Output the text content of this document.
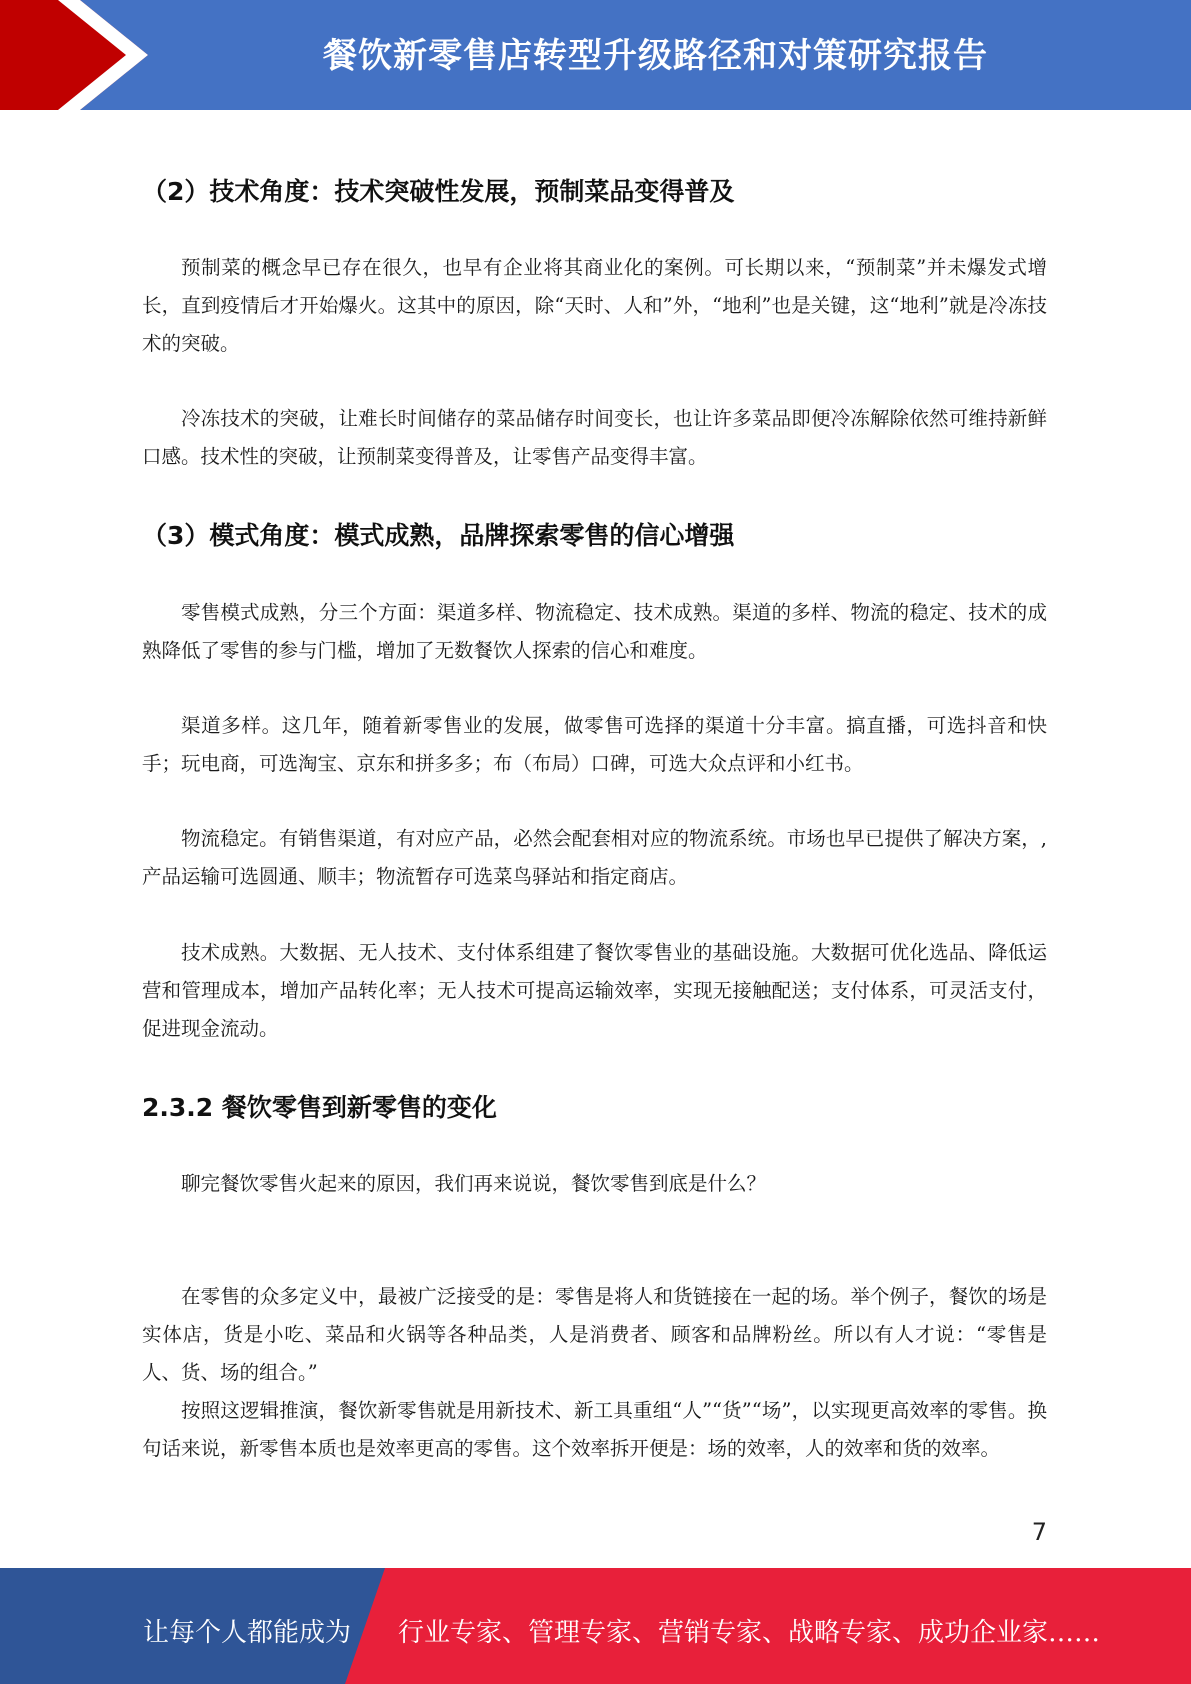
餐饮新零售店转型升级路径和对策研究报告
（2）技术角度：技术突破性发展，预制菜品变得普及
预制菜的概念早已存在很久，也早有企业将其商业化的案例。可长期以来，“预制菜”并未爆发式增长，直到疫情后才开始爆火。这其中的原因，除“天时、人和”外，“地利”也是关键，这“地利”就是冷冻技术的突破。
冷冻技术的突破，让难长时间储存的菜品储存时间变长，也让许多菜品即便冷冻解除依然可维持新鲜口感。技术性的突破，让预制菜变得普及，让零售产品变得丰富。
（3）模式角度：模式成熟，品牌探索零售的信心增强
零售模式成熟，分三个方面：渠道多样、物流稳定、技术成熟。渠道的多样、物流的稳定、技术的成熟降低了零售的参与门槛，增加了无数餐饮人探索的信心和难度。
渠道多样。这几年，随着新零售业的发展，做零售可选择的渠道十分丰富。搞直播，可选抖音和快手；玩电商，可选淘宝、京东和拼多多；布（布局）口碑，可选大众点评和小红书。
物流稳定。有销售渠道，有对应产品，必然会配套相对应的物流系统。市场也早已提供了解决方案，,产品运输可选圆通、顺丰；物流暂存可选菜鸟驿站和指定商店。
技术成熟。大数据、无人技术、支付体系组建了餐饮零售业的基础设施。大数据可优化选品、降低运营和管理成本，增加产品转化率；无人技术可提高运输效率，实现无接触配送；支付体系，可灵活支付，促进现金流动。
2.3.2 餐饮零售到新零售的变化
聊完餐饮零售火起来的原因，我们再来说说，餐饮零售到底是什么？
在零售的众多定义中，最被广泛接受的是：零售是将人和货链接在一起的场。举个例子，餐饮的场是实体店，货是小吃、菜品和火锅等各种品类，人是消费者、顾客和品牌粉丝。所以有人才说：“零售是人、货、场的组合。”
按照这逻辑推演，餐饮新零售就是用新技术、新工具重组“人”“货”“场”，以实现更高效率的零售。换句话来说，新零售本质也是效率更高的零售。这个效率拆开便是：场的效率，人的效率和货的效率。
7
让每个人都能成为 行业专家、管理专家、营销专家、战略专家、成功企业家……
